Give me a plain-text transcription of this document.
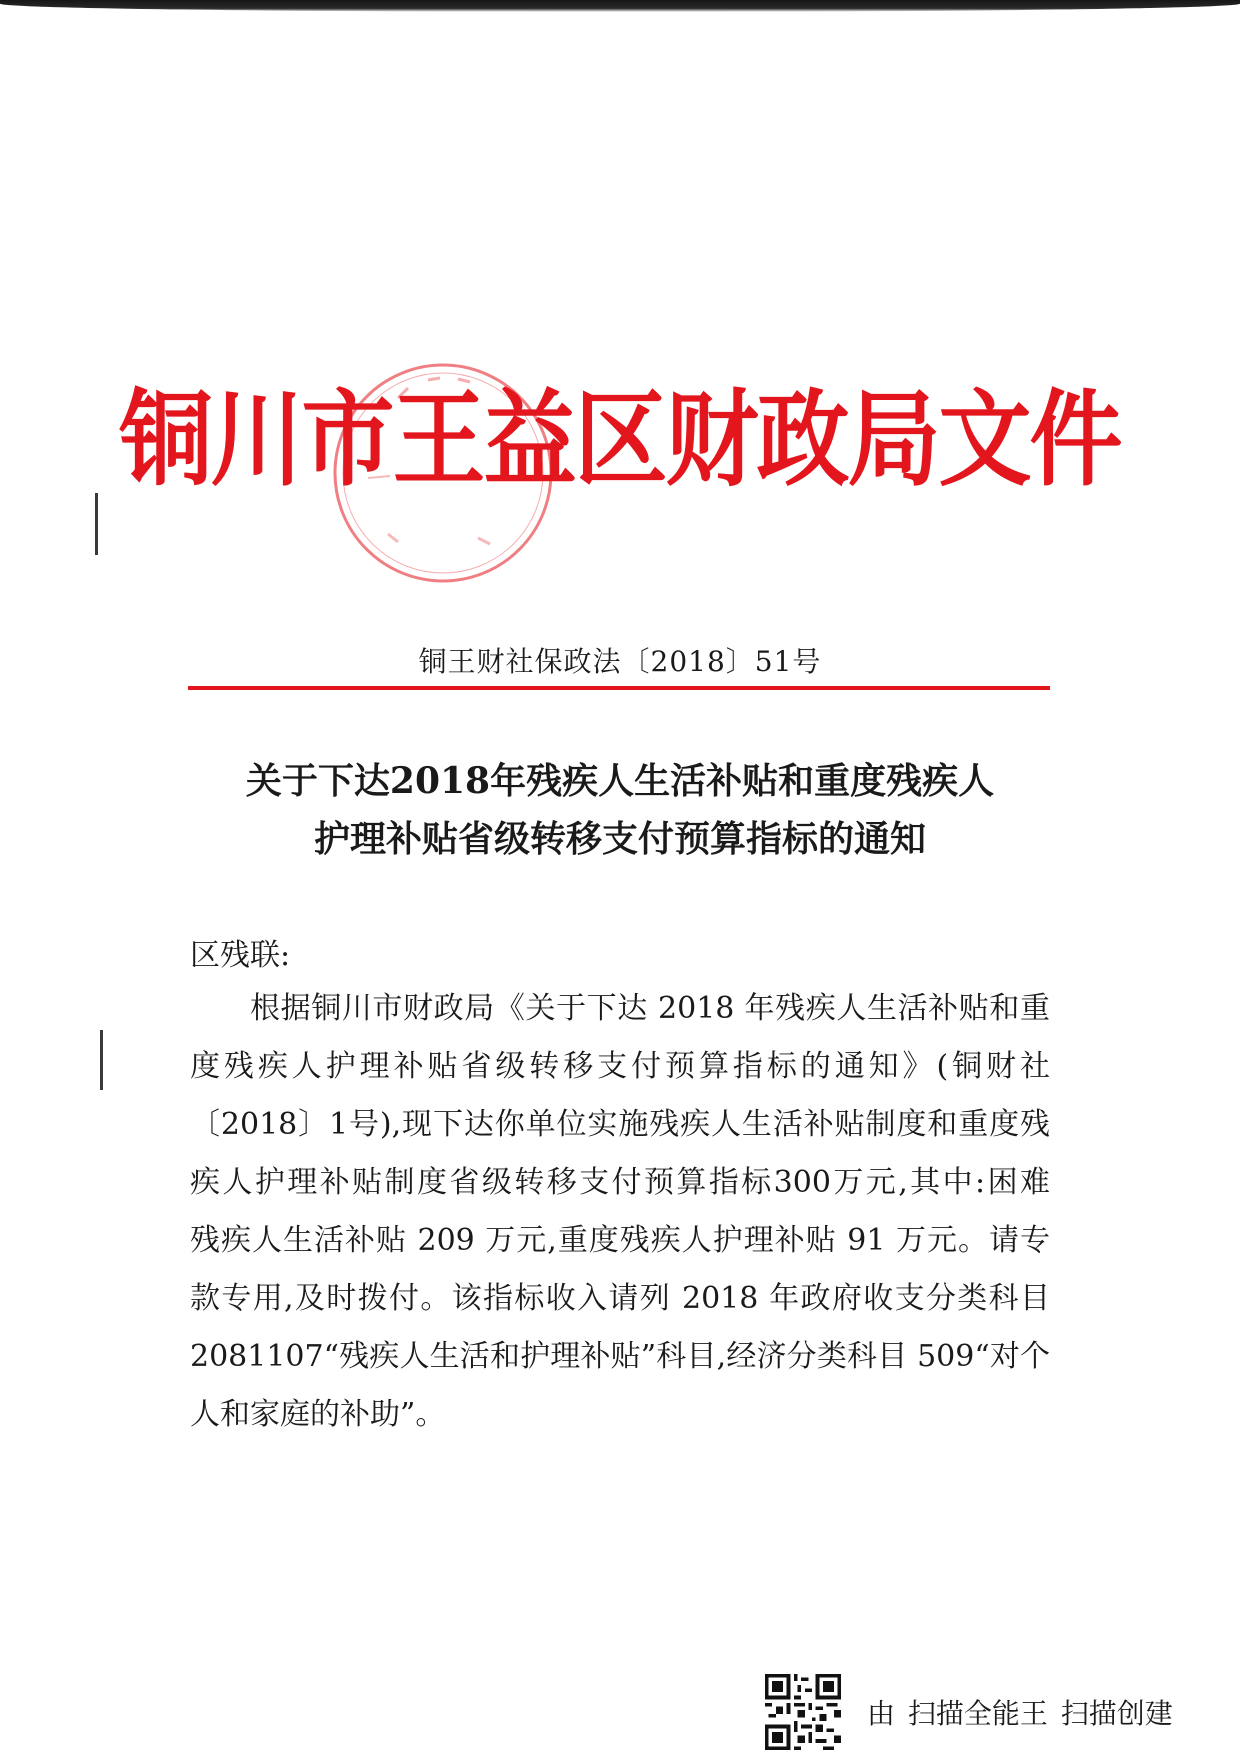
铜川市王益区财政局文件
铜王财社保政法〔2018〕51号
关于下达2018年残疾人生活补贴和重度残疾人
护理补贴省级转移支付预算指标的通知
区残联:
根据铜川市财政局《关于下达 2018 年残疾人生活补贴和重
度残疾人护理补贴省级转移支付预算指标的通知》(铜财社
〔2018〕1号),现下达你单位实施残疾人生活补贴制度和重度残
疾人护理补贴制度省级转移支付预算指标300万元,其中:困难
残疾人生活补贴 209 万元,重度残疾人护理补贴 91 万元。请专
款专用,及时拨付。该指标收入请列 2018 年政府收支分类科目
2081107“残疾人生活和护理补贴”科目,经济分类科目 509“对个
人和家庭的补助”。
由 扫描全能王 扫描创建
